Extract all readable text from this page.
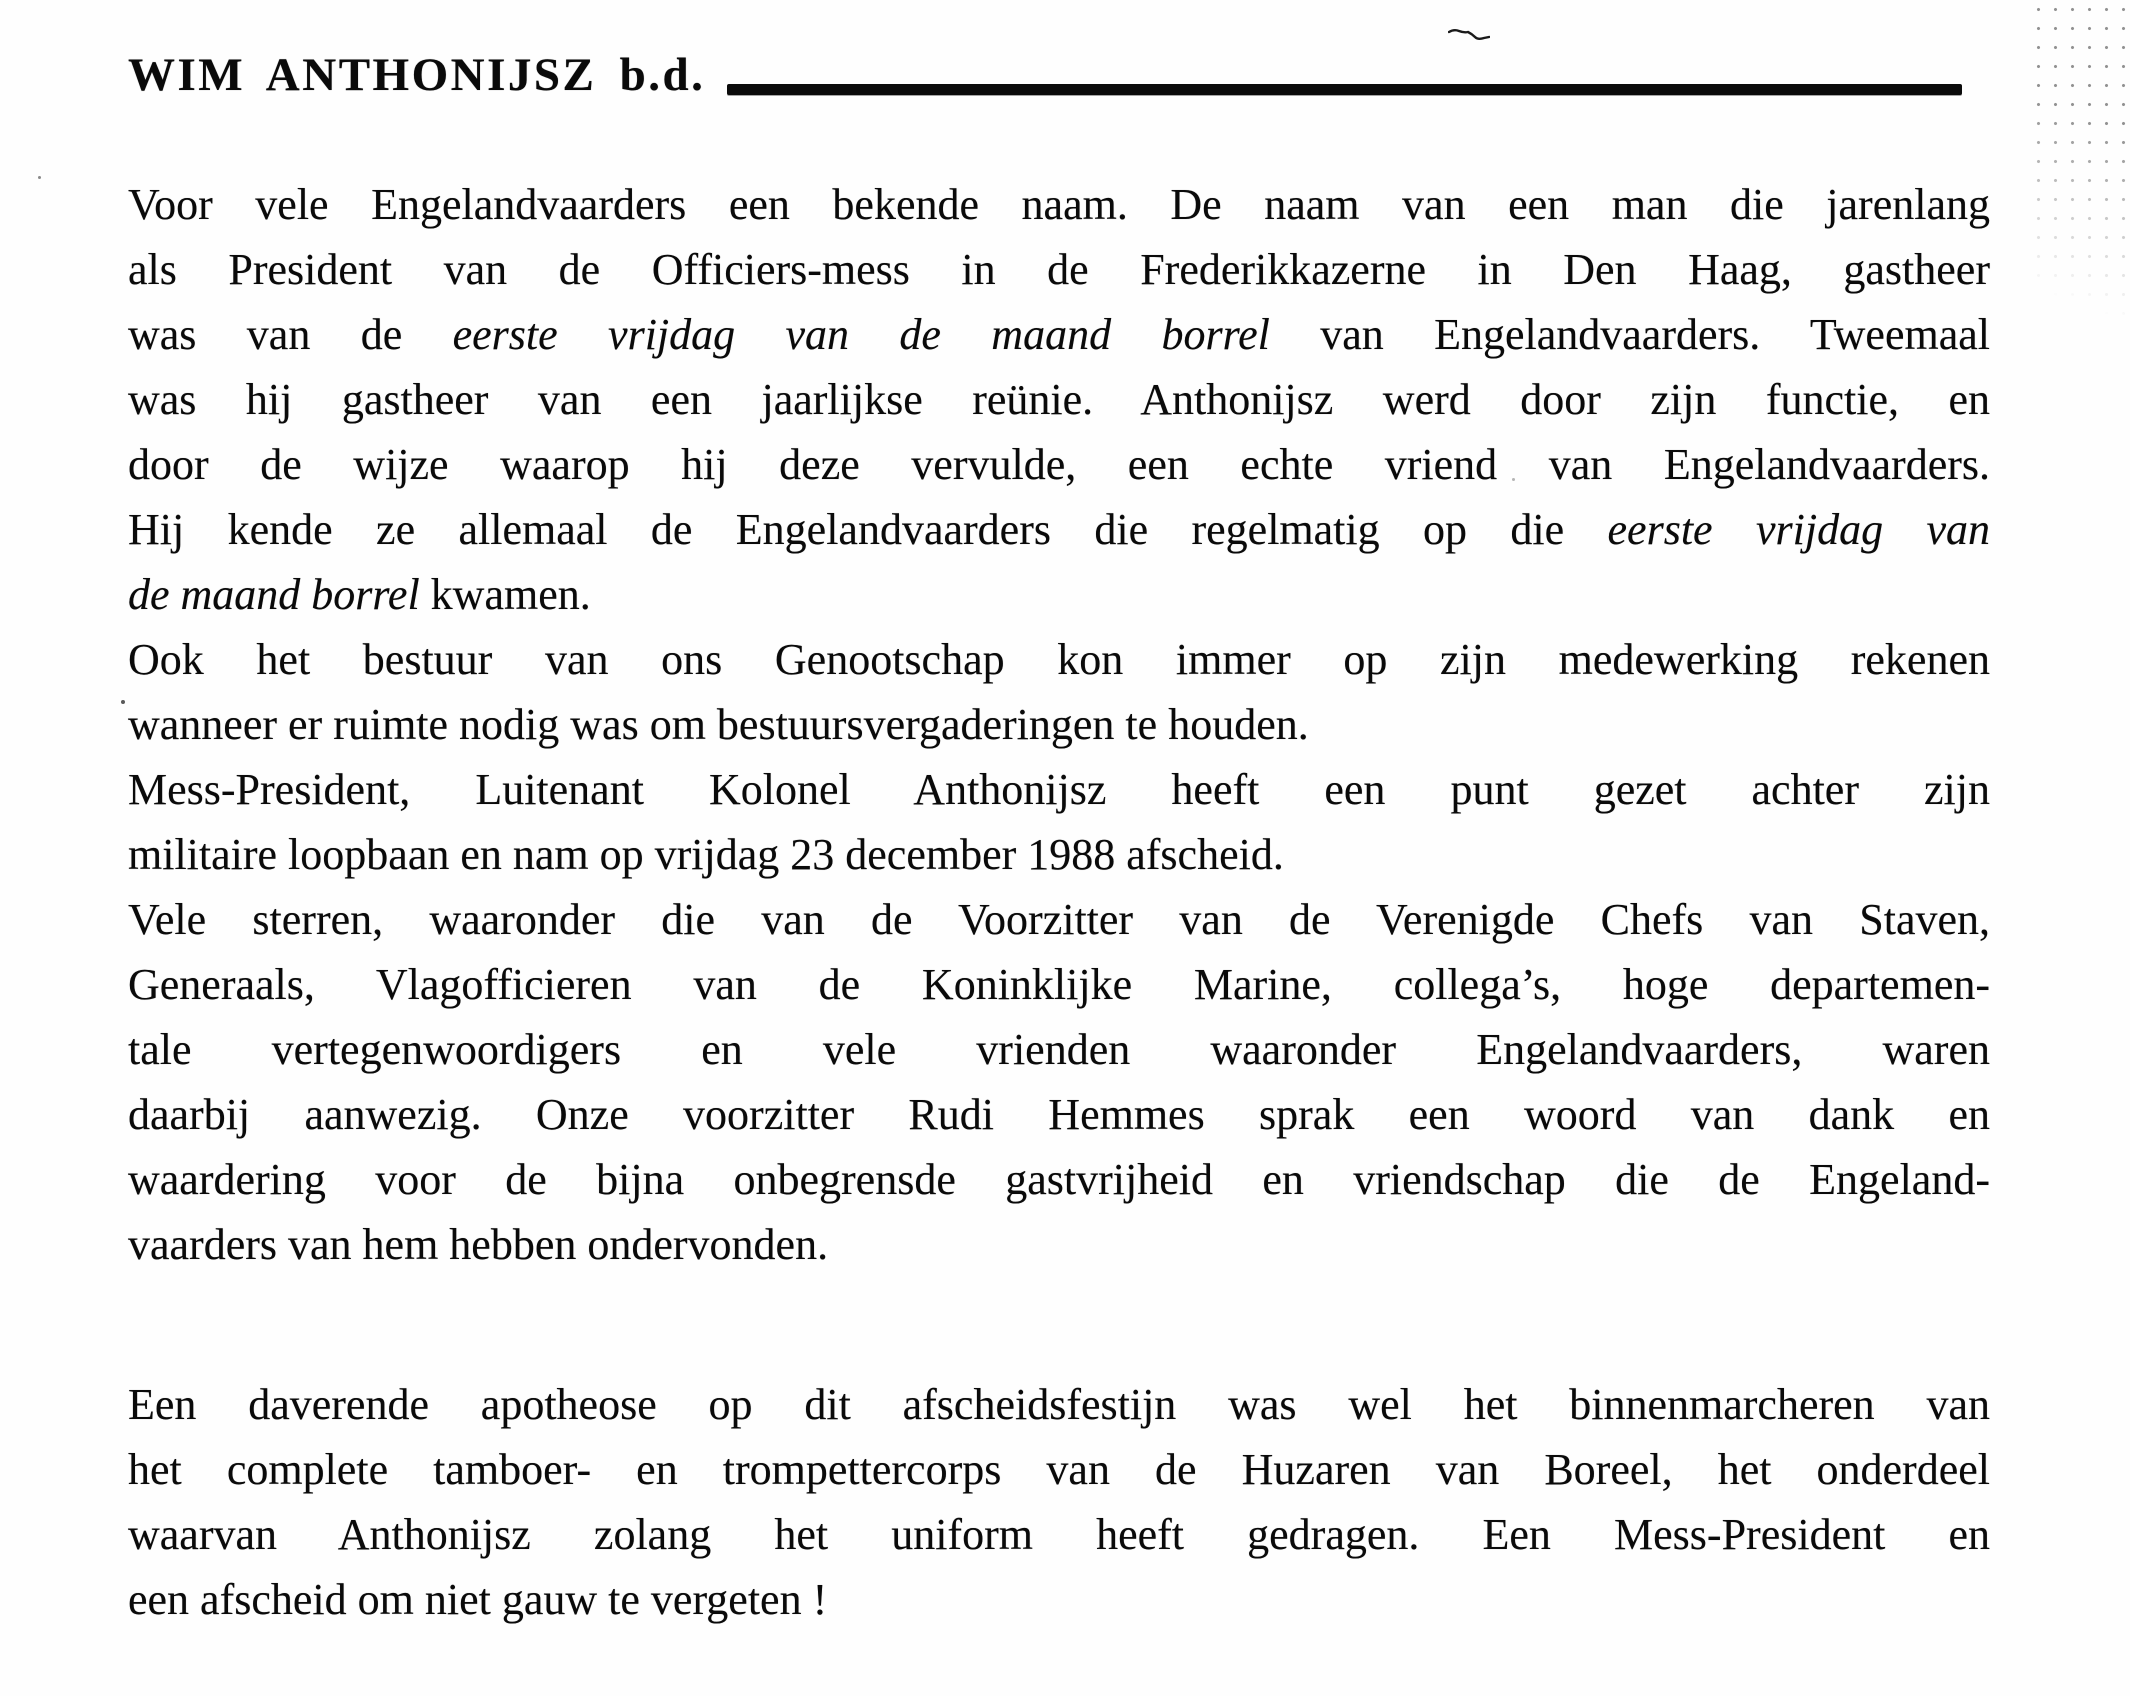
WIM ANTHONIJSZ b.d.
Voor vele Engelandvaarders een bekende naam. De naam van een man die jarenlang
als President van de Officiers-mess in de Frederikkazerne in Den Haag, gastheer
was van de eerste vrijdag van de maand borrel van Engelandvaarders. Tweemaal
was hij gastheer van een jaarlijkse reünie. Anthonijsz werd door zijn functie, en
door de wijze waarop hij deze vervulde, een echte vriend van Engelandvaarders.
Hij kende ze allemaal de Engelandvaarders die regelmatig op die eerste vrijdag van
de maand borrel kwamen.
Ook het bestuur van ons Genootschap kon immer op zijn medewerking rekenen
wanneer er ruimte nodig was om bestuursvergaderingen te houden.
Mess-President, Luitenant Kolonel Anthonijsz heeft een punt gezet achter zijn
militaire loopbaan en nam op vrijdag 23 december 1988 afscheid.
Vele sterren, waaronder die van de Voorzitter van de Verenigde Chefs van Staven,
Generaals, Vlagofficieren van de Koninklijke Marine, collega’s, hoge departemen-
tale vertegenwoordigers en vele vrienden waaronder Engelandvaarders, waren
daarbij aanwezig. Onze voorzitter Rudi Hemmes sprak een woord van dank en
waardering voor de bijna onbegrensde gastvrijheid en vriendschap die de Engeland-
vaarders van hem hebben ondervonden.
Een daverende apotheose op dit afscheidsfestijn was wel het binnenmarcheren van
het complete tamboer- en trompettercorps van de Huzaren van Boreel, het onderdeel
waarvan Anthonijsz zolang het uniform heeft gedragen. Een Mess-President en
een afscheid om niet gauw te vergeten !
